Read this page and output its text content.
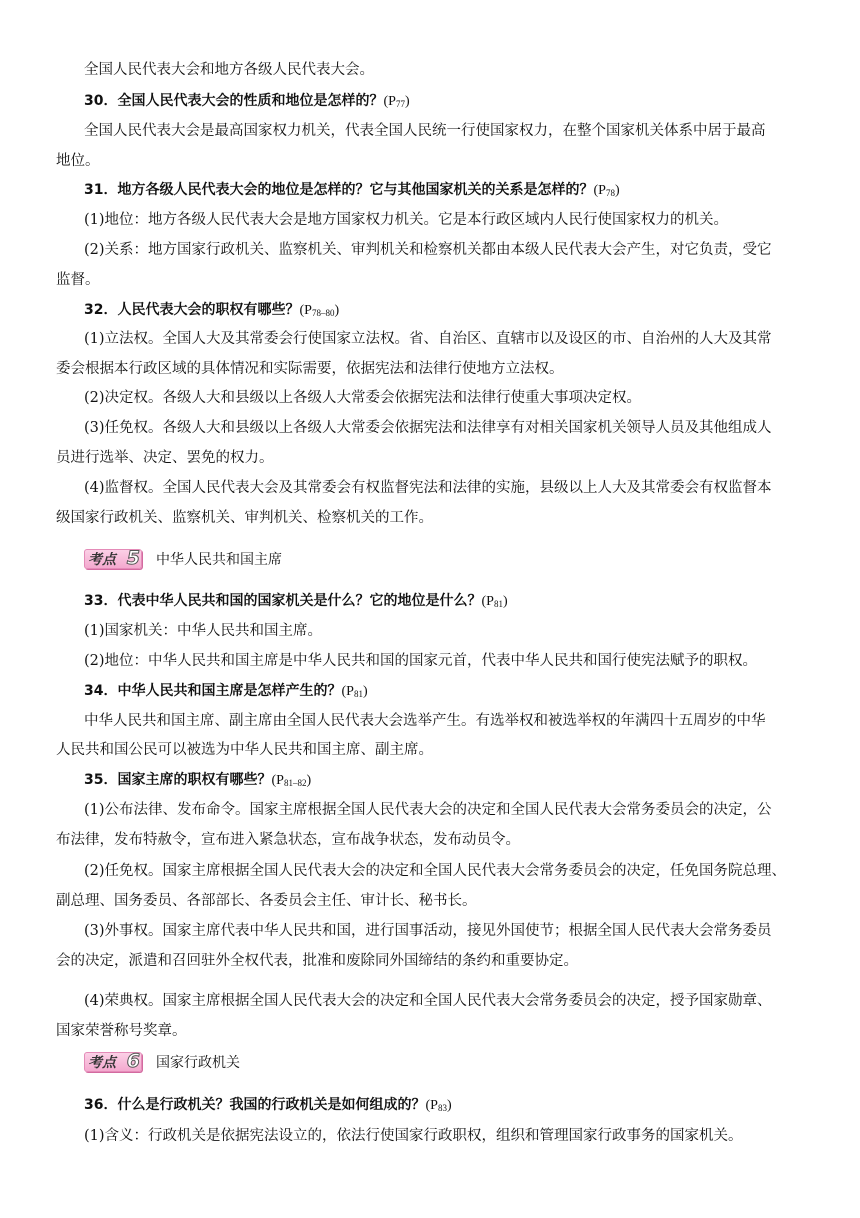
全国人民代表大会和地方各级人民代表大会。
30．全国人民代表大会的性质和地位是怎样的？$(P_{77})$
全国人民代表大会是最高国家权力机关，代表全国人民统一行使国家权力，在整个国家机关体系中居于最高
地位。
31．地方各级人民代表大会的地位是怎样的？它与其他国家机关的关系是怎样的？$(P_{78})$
(1)地位：地方各级人民代表大会是地方国家权力机关。它是本行政区域内人民行使国家权力的机关。
(2)关系：地方国家行政机关、监察机关、审判机关和检察机关都由本级人民代表大会产生，对它负责，受它
监督。
32．人民代表大会的职权有哪些？$(P_{78-80})$
(1)立法权。全国人大及其常委会行使国家立法权。省、自治区、直辖市以及设区的市、自治州的人大及其常
委会根据本行政区域的具体情况和实际需要，依据宪法和法律行使地方立法权。
(2)决定权。各级人大和县级以上各级人大常委会依据宪法和法律行使重大事项决定权。
(3)任免权。各级人大和县级以上各级人大常委会依据宪法和法律享有对相关国家机关领导人员及其他组成人
员进行选举、决定、罢免的权力。
(4)监督权。全国人民代表大会及其常委会有权监督宪法和法律的实施，县级以上人大及其常委会有权监督本
级国家行政机关、监察机关、审判机关、检察机关的工作。
考点 5 中华人民共和国主席
33．代表中华人民共和国的国家机关是什么？它的地位是什么？$(P_{81})$
(1)国家机关：中华人民共和国主席。
(2)地位：中华人民共和国主席是中华人民共和国的国家元首，代表中华人民共和国行使宪法赋予的职权。
34．中华人民共和国主席是怎样产生的？$(P_{81})$
中华人民共和国主席、副主席由全国人民代表大会选举产生。有选举权和被选举权的年满四十五周岁的中华
人民共和国公民可以被选为中华人民共和国主席、副主席。
35．国家主席的职权有哪些？$(P_{81-82})$
(1)公布法律、发布命令。国家主席根据全国人民代表大会的决定和全国人民代表大会常务委员会的决定，公
布法律，发布特赦令，宣布进入紧急状态，宣布战争状态，发布动员令。
(2)任免权。国家主席根据全国人民代表大会的决定和全国人民代表大会常务委员会的决定，任免国务院总理、
副总理、国务委员、各部部长、各委员会主任、审计长、秘书长。
(3)外事权。国家主席代表中华人民共和国，进行国事活动，接见外国使节；根据全国人民代表大会常务委员
会的决定，派遣和召回驻外全权代表，批准和废除同外国缔结的条约和重要协定。
(4)荣典权。国家主席根据全国人民代表大会的决定和全国人民代表大会常务委员会的决定，授予国家勋章、
国家荣誉称号奖章。
考点 6 国家行政机关
36．什么是行政机关？我国的行政机关是如何组成的？$(P_{83})$
(1)含义：行政机关是依据宪法设立的，依法行使国家行政职权，组织和管理国家行政事务的国家机关。
